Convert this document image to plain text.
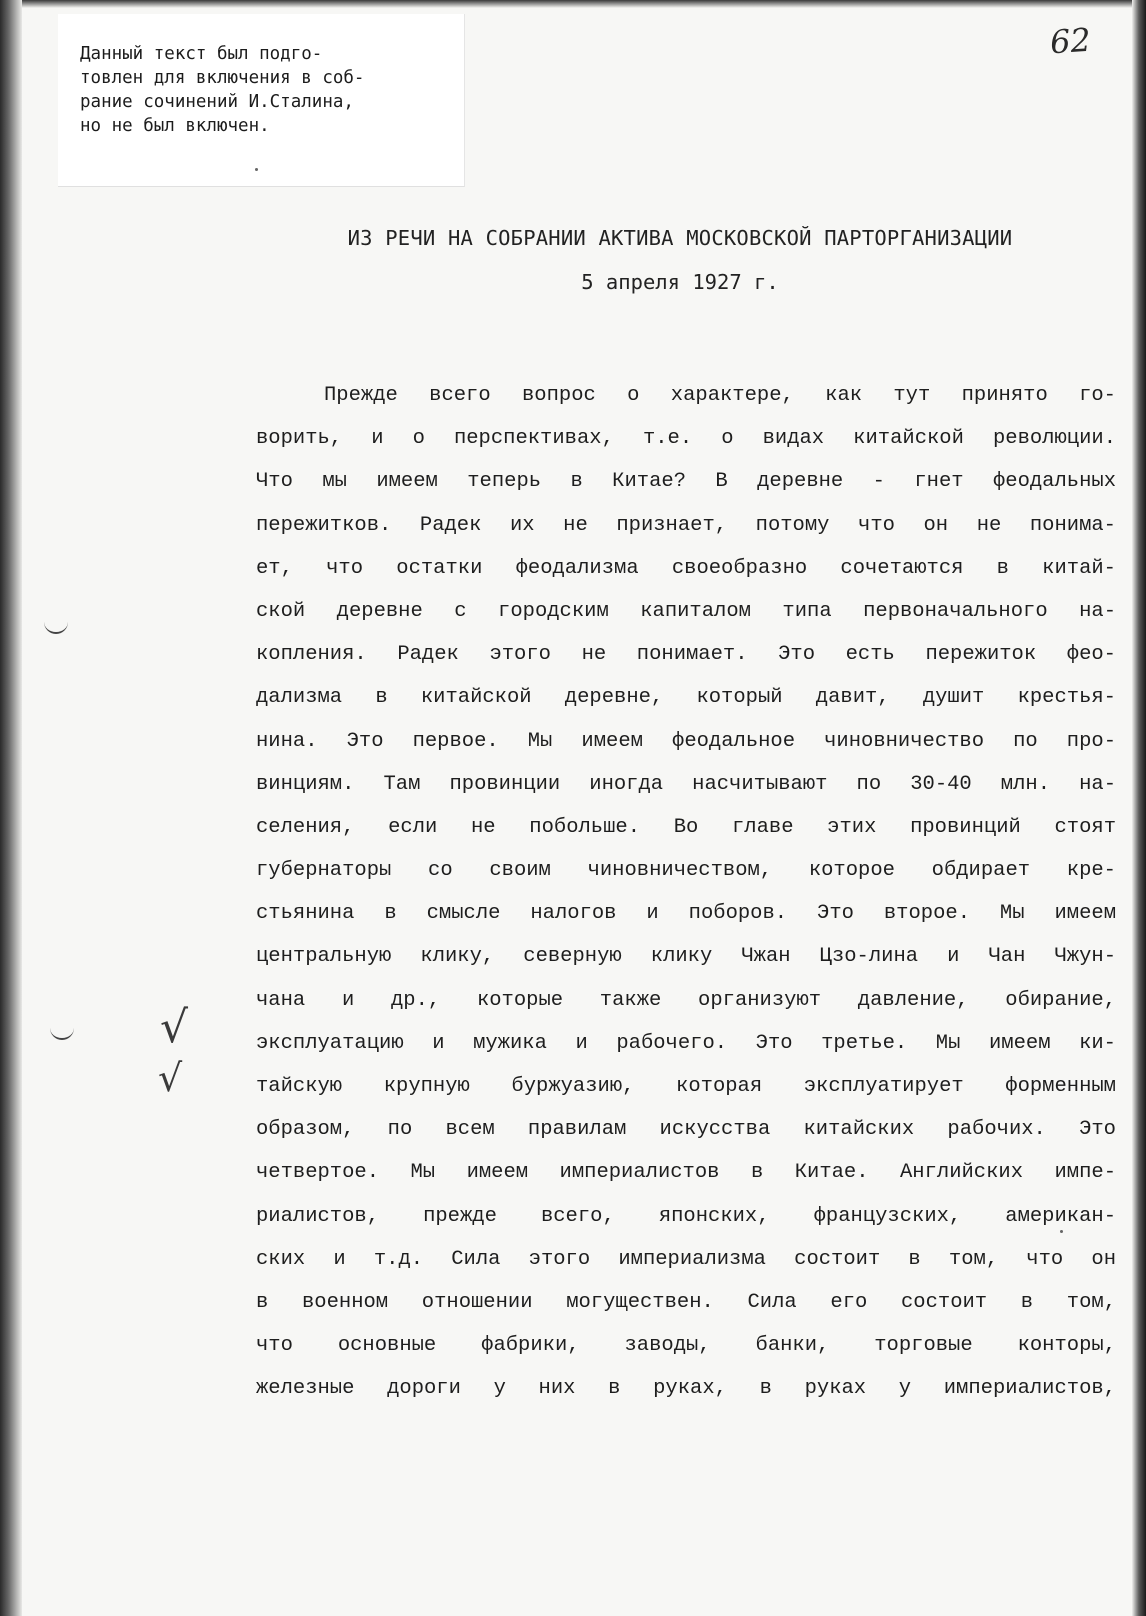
Данный текст был подго-
товлен для включения в соб-
рание сочинений И.Сталина,
но не был включен.
62
ИЗ РЕЧИ НА СОБРАНИИ АКТИВА МОСКОВСКОЙ ПАРТОРГАНИЗАЦИИ
5 апреля 1927 г.
√
√
Прежде всего вопрос о характере, как тут принято го-
ворить, и о перспективах, т.е. о видах китайской революции.
Что мы имеем теперь в Китае? В деревне - гнет феодальных
пережитков. Радек их не признает, потому что он не понима-
ет, что остатки феодализма своеобразно сочетаются в китай-
ской деревне с городским капиталом типа первоначального на-
копления. Радек этого не понимает. Это есть пережиток фео-
дализма в китайской деревне, который давит, душит крестья-
нина. Это первое. Мы имеем феодальное чиновничество по про-
винциям. Там провинции иногда насчитывают по 30-40 млн. на-
селения, если не побольше. Во главе этих провинций стоят
губернаторы со своим чиновничеством, которое обдирает кре-
стьянина в смысле налогов и поборов. Это второе. Мы имеем
центральную клику, северную клику Чжан Цзо-лина и Чан Чжун-
чана и др., которые также организуют давление, обирание,
эксплуатацию и мужика и рабочего. Это третье. Мы имеем ки-
тайскую крупную буржуазию, которая эксплуатирует форменным
образом, по всем правилам искусства китайских рабочих. Это
четвертое. Мы имеем империалистов в Китае. Английских импе-
риалистов, прежде всего, японских, французских, американ-
ских и т.д. Сила этого империализма состоит в том, что он
в военном отношении могуществен. Сила его состоит в том,
что основные фабрики, заводы, банки, торговые конторы,
железные дороги у них в руках, в руках у империалистов,
